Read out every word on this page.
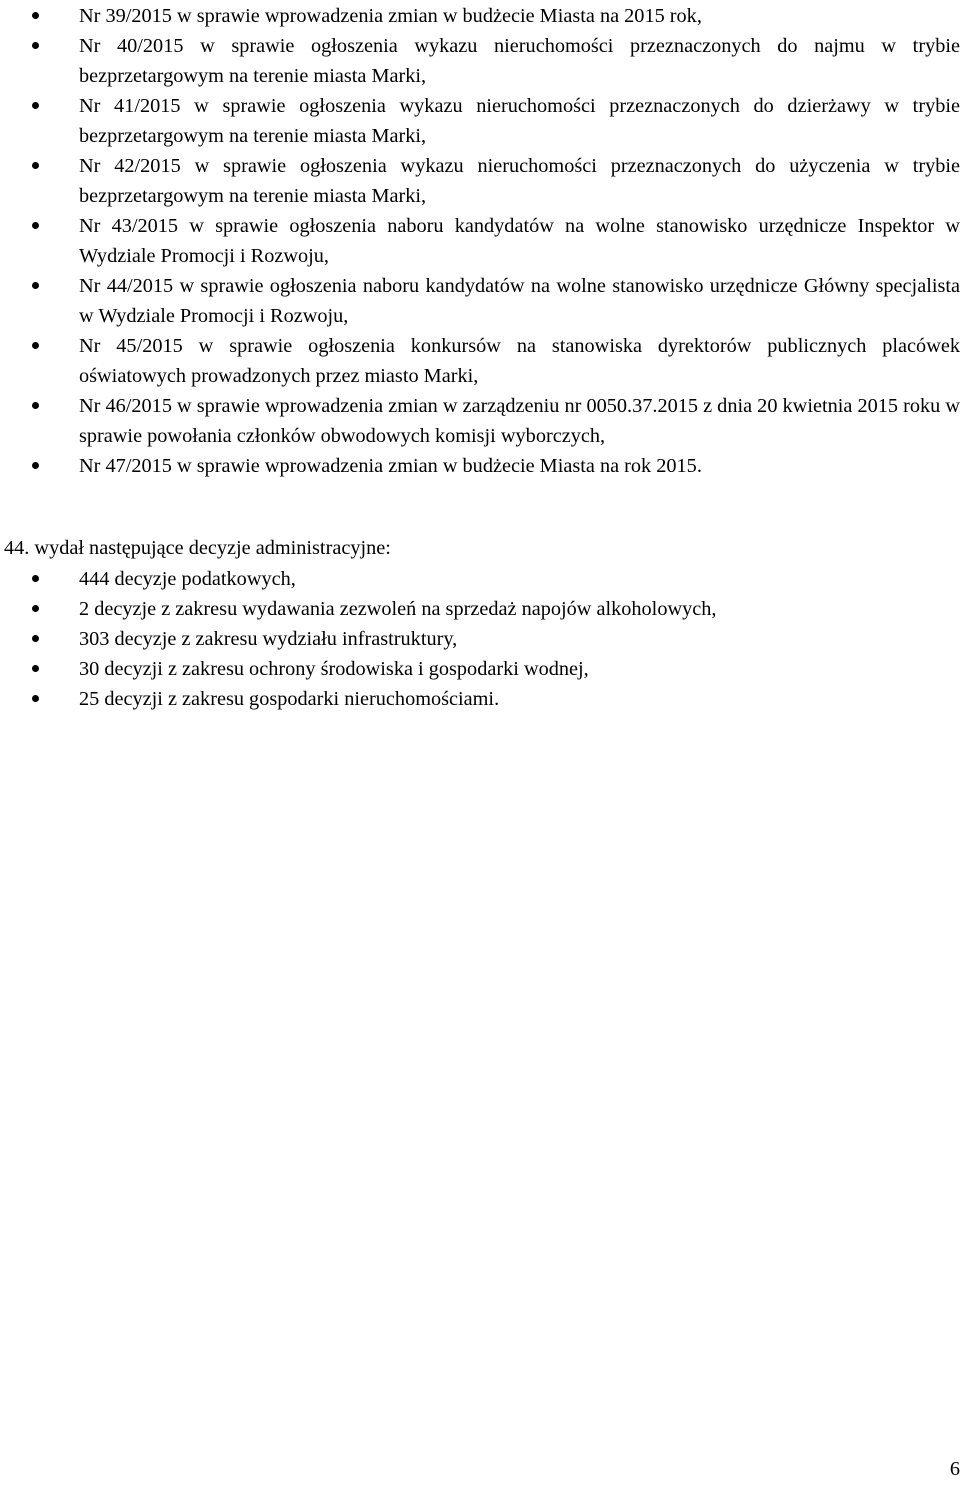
Nr 39/2015 w sprawie wprowadzenia zmian w budżecie Miasta na 2015 rok,
Nr 40/2015 w sprawie ogłoszenia wykazu nieruchomości przeznaczonych do najmu w trybie bezprzetargowym na terenie miasta Marki,
Nr 41/2015 w sprawie ogłoszenia wykazu nieruchomości przeznaczonych do dzierżawy w trybie bezprzetargowym na terenie miasta Marki,
Nr 42/2015 w sprawie ogłoszenia wykazu nieruchomości przeznaczonych do użyczenia w trybie bezprzetargowym na terenie miasta Marki,
Nr 43/2015 w sprawie ogłoszenia naboru kandydatów na wolne stanowisko urzędnicze Inspektor w Wydziale Promocji i Rozwoju,
Nr 44/2015 w sprawie ogłoszenia naboru kandydatów na wolne stanowisko urzędnicze Główny specjalista w Wydziale Promocji i Rozwoju,
Nr 45/2015 w sprawie ogłoszenia konkursów na stanowiska dyrektorów publicznych placówek oświatowych prowadzonych przez miasto Marki,
Nr 46/2015 w sprawie wprowadzenia zmian w zarządzeniu nr 0050.37.2015 z dnia 20 kwietnia 2015 roku w sprawie powołania członków obwodowych komisji wyborczych,
Nr 47/2015 w sprawie wprowadzenia zmian w budżecie Miasta na rok 2015.
44. wydał następujące decyzje administracyjne:
444 decyzje podatkowych,
2 decyzje z zakresu wydawania zezwoleń na sprzedaż napojów alkoholowych,
303 decyzje z zakresu wydziału infrastruktury,
30 decyzji z zakresu ochrony środowiska i gospodarki wodnej,
25 decyzji z zakresu gospodarki nieruchomościami.
6
